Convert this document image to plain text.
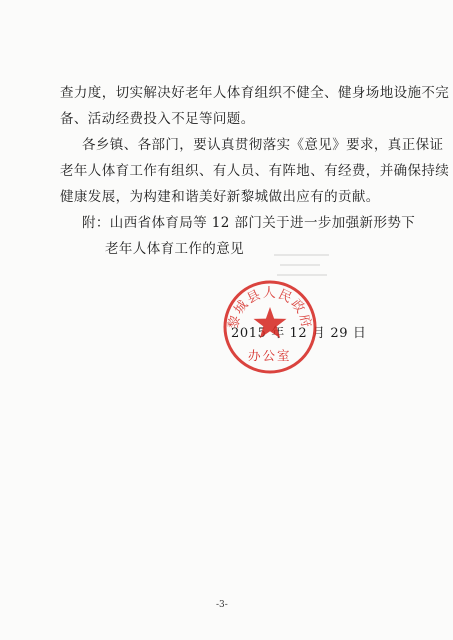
查力度，切实解决好老年人体育组织不健全、健身场地设施不完
备、活动经费投入不足等问题。
各乡镇、各部门，要认真贯彻落实《意见》要求，真正保证
老年人体育工作有组织、有人员、有阵地、有经费，并确保持续
健康发展，为构建和谐美好新黎城做出应有的贡献。
附：山西省体育局等 12 部门关于进一步加强新形势下
老年人体育工作的意见
2015 年 12 月 29 日
黎城县人民政府
办公室
-3-
